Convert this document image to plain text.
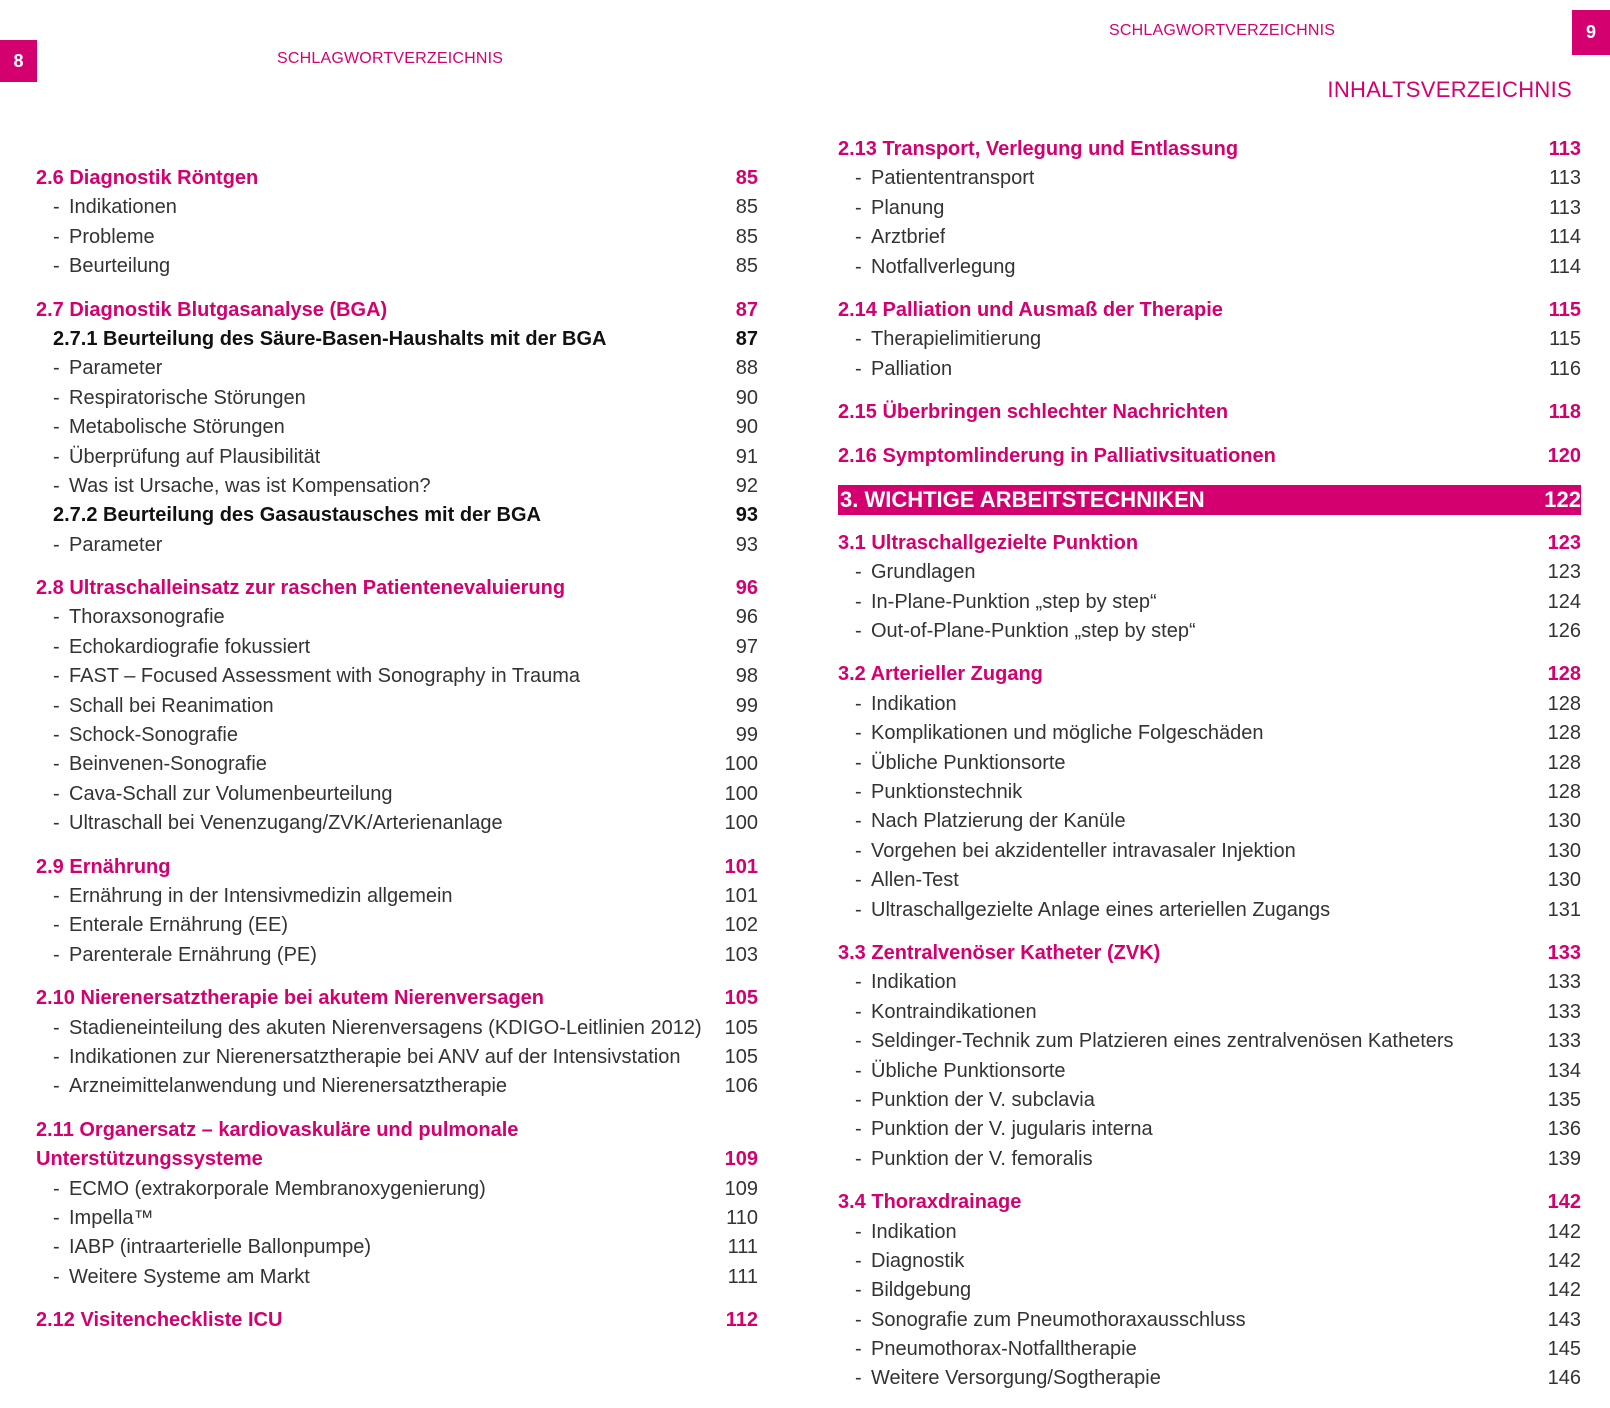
8	SCHLAGWORTVERZEICHNIS
2.6 Diagnostik Röntgen	85
- Indikationen	85
- Probleme	85
- Beurteilung	85
2.7 Diagnostik Blutgasanalyse (BGA)	87
2.7.1 Beurteilung des Säure-Basen-Haushalts mit der BGA	87
- Parameter	88
- Respiratorische Störungen	90
- Metabolische Störungen	90
- Überprüfung auf Plausibilität	91
- Was ist Ursache, was ist Kompensation?	92
2.7.2 Beurteilung des Gasaustausches mit der BGA	93
- Parameter	93
2.8 Ultraschalleinsatz zur raschen Patientenevaluierung	96
- Thoraxsonografie	96
- Echokardiografie fokussiert	97
- FAST – Focused Assessment with Sonography in Trauma	98
- Schall bei Reanimation	99
- Schock-Sonografie	99
- Beinvenen-Sonografie	100
- Cava-Schall zur Volumenbeurteilung	100
- Ultraschall bei Venenzugang/ZVK/Arterienanlage	100
2.9 Ernährung	101
- Ernährung in der Intensivmedizin allgemein	101
- Enterale Ernährung (EE)	102
- Parenterale Ernährung (PE)	103
2.10 Nierenersatztherapie bei akutem Nierenversagen	105
- Stadieneinteilung des akuten Nierenversagens (KDIGO-Leitlinien 2012)	105
- Indikationen zur Nierenersatztherapie bei ANV auf der Intensivstation	105
- Arzneimittelanwendung und Nierenersatztherapie	106
2.11 Organersatz – kardiovaskuläre und pulmonale
Unterstützungssysteme	109
- ECMO (extrakorporale Membranoxygenierung)	109
- Impella™	110
- IABP (intraarterielle Ballonpumpe)	111
- Weitere Systeme am Markt	111
2.12 Visitencheckliste ICU	112
SCHLAGWORTVERZEICHNIS	9
INHALTSVERZEICHNIS
2.13 Transport, Verlegung und Entlassung	113
- Patiententransport	113
- Planung	113
- Arztbrief	114
- Notfallverlegung	114
2.14 Palliation und Ausmaß der Therapie	115
- Therapielimitierung	115
- Palliation	116
2.15 Überbringen schlechter Nachrichten	118
2.16 Symptomlinderung in Palliativsituationen	120
3. WICHTIGE ARBEITSTECHNIKEN	122
3.1 Ultraschallgezielte Punktion	123
- Grundlagen	123
- In-Plane-Punktion „step by step“	124
- Out-of-Plane-Punktion „step by step“	126
3.2 Arterieller Zugang	128
- Indikation	128
- Komplikationen und mögliche Folgeschäden	128
- Übliche Punktionsorte	128
- Punktionstechnik	128
- Nach Platzierung der Kanüle	130
- Vorgehen bei akzidenteller intravasaler Injektion	130
- Allen-Test	130
- Ultraschallgezielte Anlage eines arteriellen Zugangs	131
3.3 Zentralvenöser Katheter (ZVK)	133
- Indikation	133
- Kontraindikationen	133
- Seldinger-Technik zum Platzieren eines zentralvenösen Katheters	133
- Übliche Punktionsorte	134
- Punktion der V. subclavia	135
- Punktion der V. jugularis interna	136
- Punktion der V. femoralis	139
3.4 Thoraxdrainage	142
- Indikation	142
- Diagnostik	142
- Bildgebung	142
- Sonografie zum Pneumothoraxausschluss	143
- Pneumothorax-Notfalltherapie	145
- Weitere Versorgung/Sogtherapie	146
